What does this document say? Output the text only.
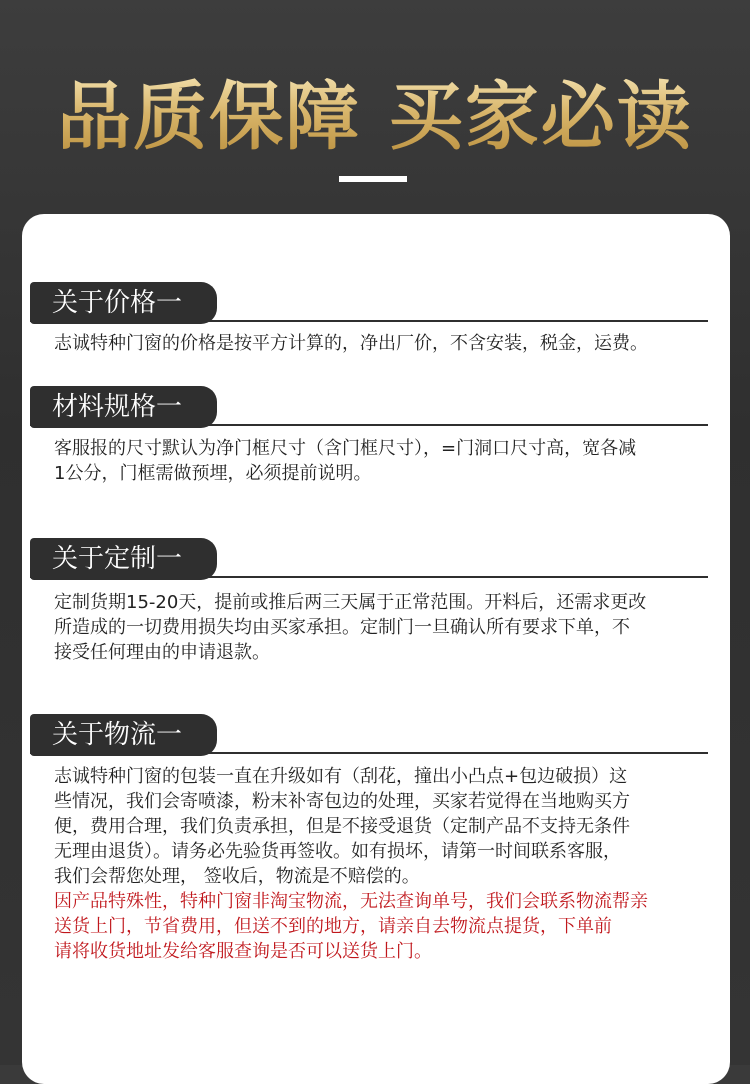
品质保障 买家必读
关于价格一
志诚特种门窗的价格是按平方计算的，净出厂价，不含安装，税金，运费。
材料规格一
客服报的尺寸默认为净门框尺寸（含门框尺寸），=门洞口尺寸高，宽各减
1公分，门框需做预埋，必须提前说明。
关于定制一
定制货期15-20天，提前或推后两三天属于正常范围。开料后，还需求更改
所造成的一切费用损失均由买家承担。定制门一旦确认所有要求下单，不
接受任何理由的申请退款。
关于物流一
志诚特种门窗的包装一直在升级如有（刮花，撞出小凸点+包边破损）这
些情况，我们会寄喷漆，粉末补寄包边的处理，买家若觉得在当地购买方
便，费用合理，我们负责承担，但是不接受退货（定制产品不支持无条件
无理由退货）。请务必先验货再签收。如有损坏，请第一时间联系客服，
我们会帮您处理， 签收后，物流是不赔偿的。
因产品特殊性，特种门窗非淘宝物流，无法查询单号，我们会联系物流帮亲
送货上门，节省费用，但送不到的地方，请亲自去物流点提货，下单前
请将收货地址发给客服查询是否可以送货上门。
